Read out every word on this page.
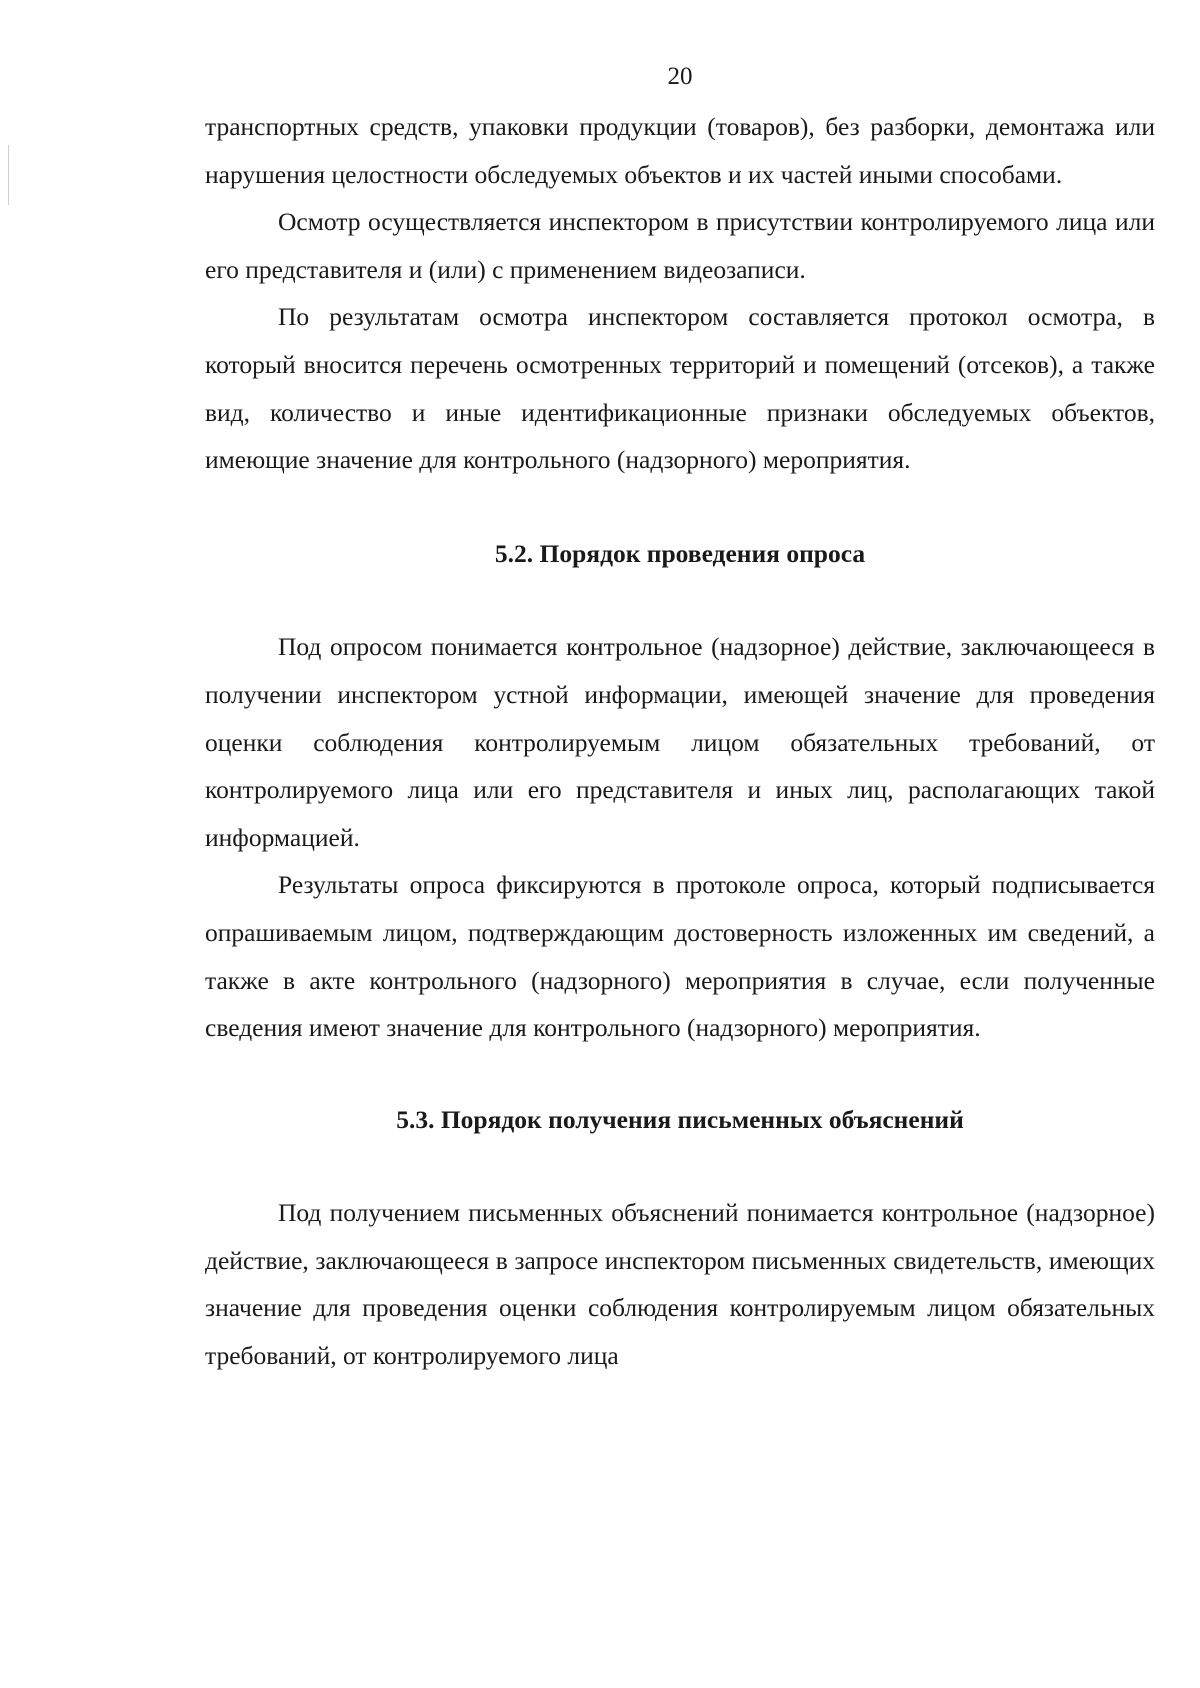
20

транспортных средств, упаковки продукции (товаров), без разборки, демонтажа или нарушения целостности обследуемых объектов и их частей иными способами.

Осмотр осуществляется инспектором в присутствии контролируемого лица или его представителя и (или) с применением видеозаписи.

По результатам осмотра инспектором составляется протокол осмотра, в который вносится перечень осмотренных территорий и помещений (отсеков), а также вид, количество и иные идентификационные признаки обследуемых объектов, имеющие значение для контрольного (надзорного) мероприятия.

5.2. Порядок проведения опроса

Под опросом понимается контрольное (надзорное) действие, заключающееся в получении инспектором устной информации, имеющей значение для проведения оценки соблюдения контролируемым лицом обязательных требований, от контролируемого лица или его представителя и иных лиц, располагающих такой информацией.

Результаты опроса фиксируются в протоколе опроса, который подписывается опрашиваемым лицом, подтверждающим достоверность изложенных им сведений, а также в акте контрольного (надзорного) мероприятия в случае, если полученные сведения имеют значение для контрольного (надзорного) мероприятия.

5.3. Порядок получения письменных объяснений

Под получением письменных объяснений понимается контрольное (надзорное) действие, заключающееся в запросе инспектором письменных свидетельств, имеющих значение для проведения оценки соблюдения контролируемым лицом обязательных требований, от контролируемого лица
